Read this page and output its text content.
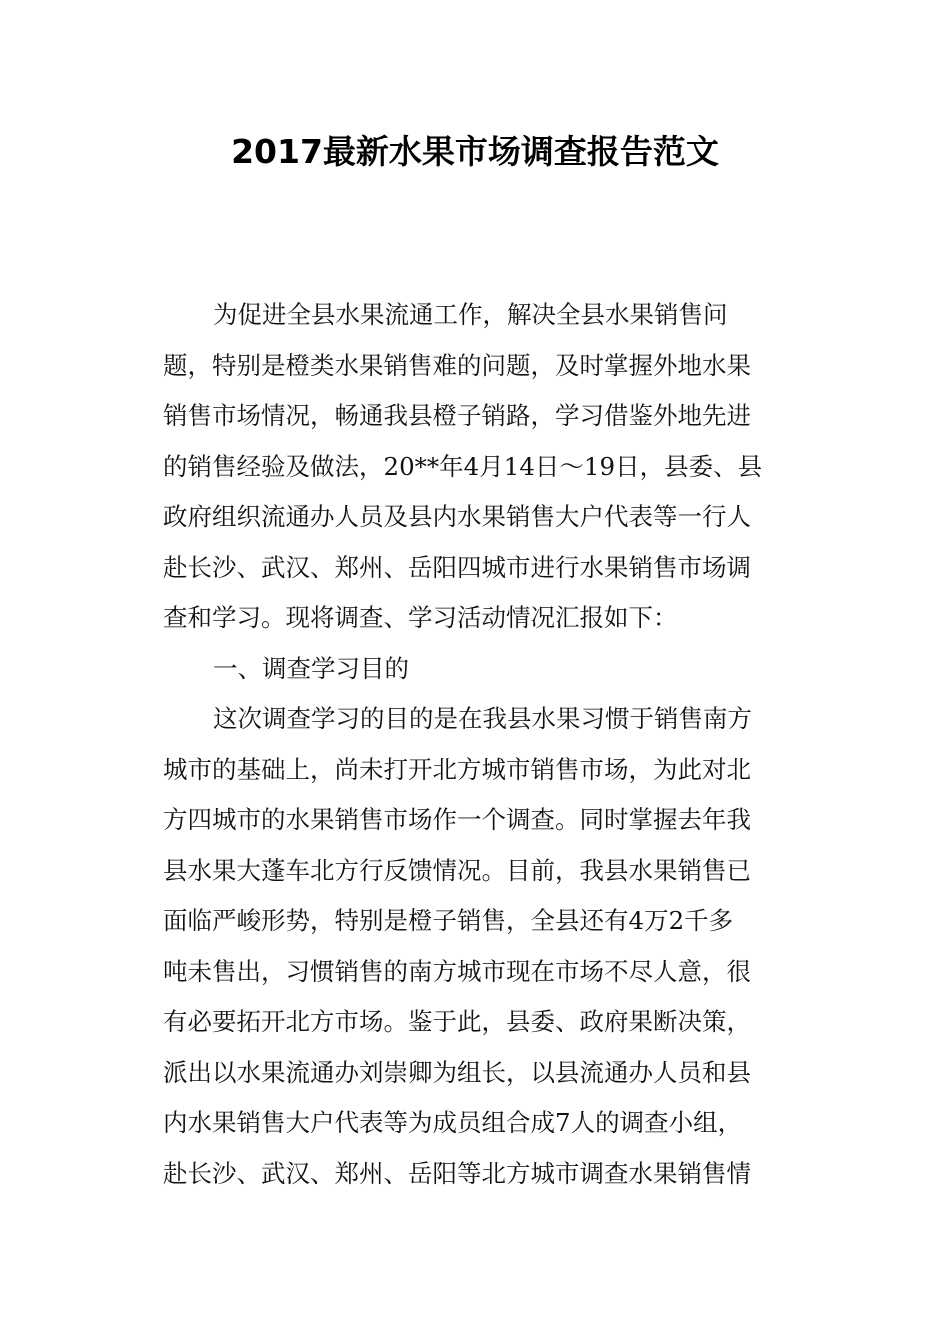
2017最新水果市场调查报告范文
为促进全县水果流通工作，解决全县水果销售问
题，特别是橙类水果销售难的问题，及时掌握外地水果
销售市场情况，畅通我县橙子销路，学习借鉴外地先进
的销售经验及做法，20**年4月14日～19日，县委、县
政府组织流通办人员及县内水果销售大户代表等一行人
赴长沙、武汉、郑州、岳阳四城市进行水果销售市场调
查和学习。现将调查、学习活动情况汇报如下：
一、调查学习目的
这次调查学习的目的是在我县水果习惯于销售南方
城市的基础上，尚未打开北方城市销售市场，为此对北
方四城市的水果销售市场作一个调查。同时掌握去年我
县水果大蓬车北方行反馈情况。目前，我县水果销售已
面临严峻形势，特别是橙子销售，全县还有4万2千多
吨未售出，习惯销售的南方城市现在市场不尽人意，很
有必要拓开北方市场。鉴于此，县委、政府果断决策，
派出以水果流通办刘崇卿为组长，以县流通办人员和县
内水果销售大户代表等为成员组合成7人的调查小组，
赴长沙、武汉、郑州、岳阳等北方城市调查水果销售情
